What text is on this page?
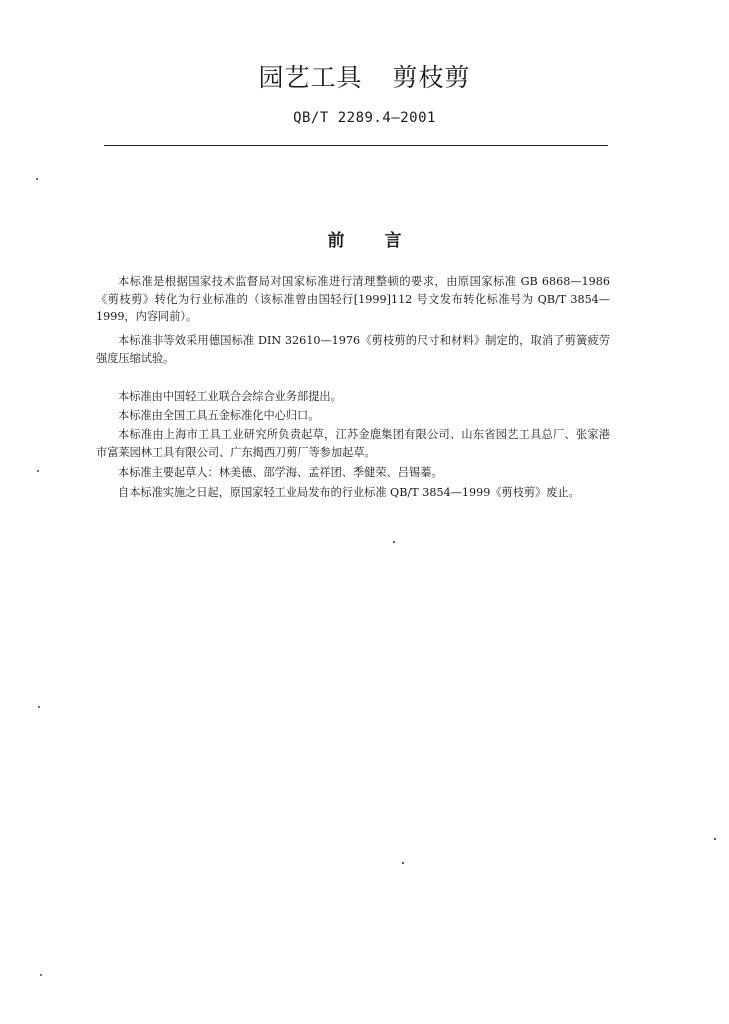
园艺工具 剪枝剪
QB/T 2289.4—2001
前 言

本标准是根据国家技术监督局对国家标准进行清理整顿的要求，由原国家标准 GB 6868—1986《剪枝剪》转化为行业标准的（该标准曾由国轻行[1999]112 号文发布转化标准号为 QB/T 3854—1999，内容同前）。

本标准非等效采用德国标准 DIN 32610—1976《剪枝剪的尺寸和材料》制定的，取消了剪簧疲劳强度压缩试验。

本标准由中国轻工业联合会综合业务部提出。

本标准由全国工具五金标准化中心归口。

本标准由上海市工具工业研究所负责起草，江苏金鹿集团有限公司、山东省园艺工具总厂、张家港市富莱园林工具有限公司、广东揭西刀剪厂等参加起草。

本标准主要起草人：林美德、邵学海、孟祥团、季健荣、吕锡蓁。

自本标准实施之日起，原国家轻工业局发布的行业标准 QB/T 3854—1999《剪枝剪》废止。
